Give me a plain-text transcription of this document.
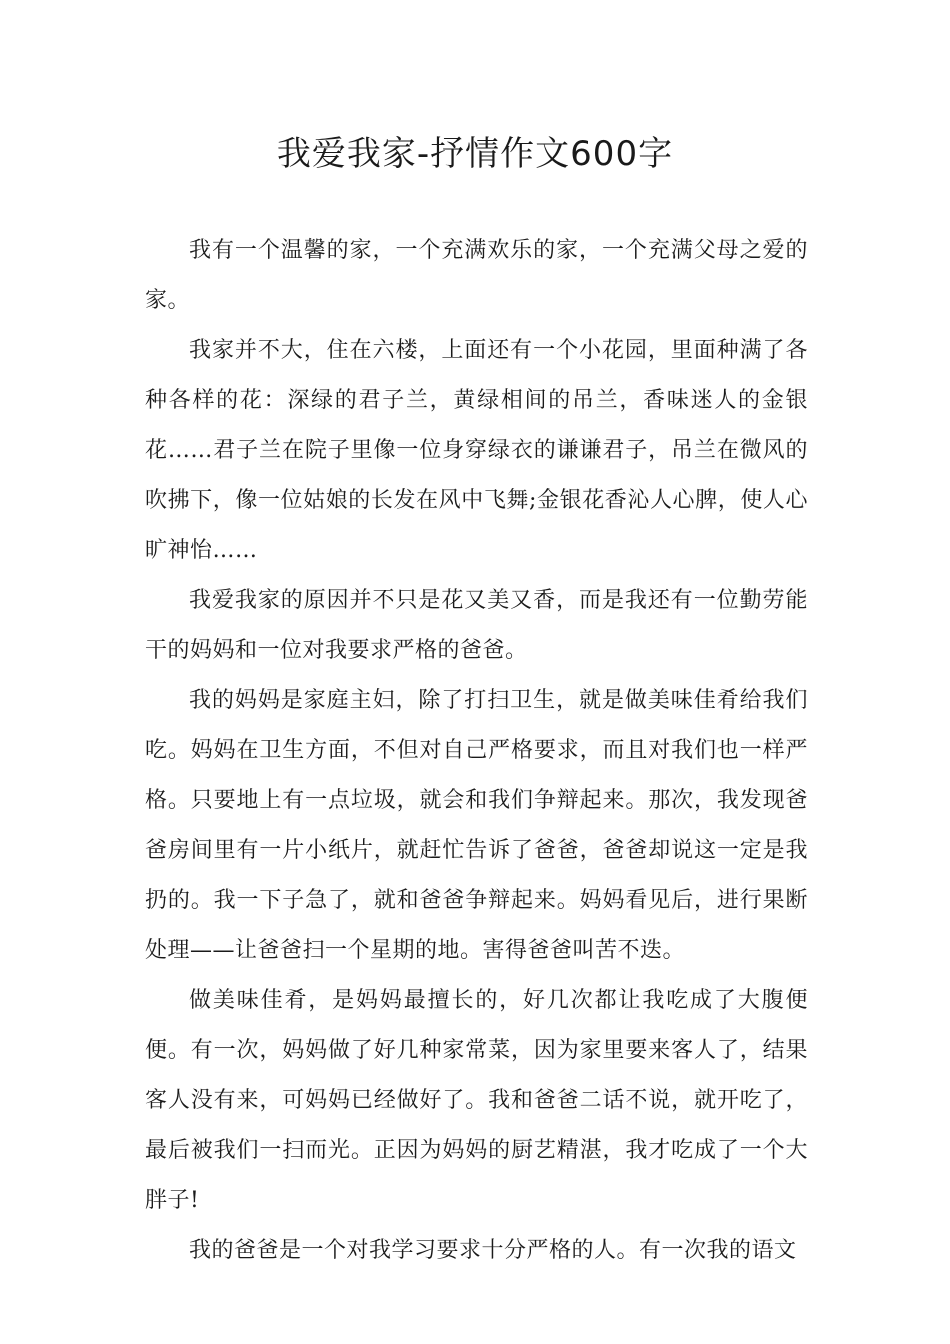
我爱我家-抒情作文600字

我有一个温馨的家，一个充满欢乐的家，一个充满父母之爱的家。

我家并不大，住在六楼，上面还有一个小花园，里面种满了各种各样的花：深绿的君子兰，黄绿相间的吊兰，香味迷人的金银花……君子兰在院子里像一位身穿绿衣的谦谦君子，吊兰在微风的吹拂下，像一位姑娘的长发在风中飞舞;金银花香沁人心脾，使人心旷神怡……

我爱我家的原因并不只是花又美又香，而是我还有一位勤劳能干的妈妈和一位对我要求严格的爸爸。

我的妈妈是家庭主妇，除了打扫卫生，就是做美味佳肴给我们吃。妈妈在卫生方面，不但对自己严格要求，而且对我们也一样严格。只要地上有一点垃圾，就会和我们争辩起来。那次，我发现爸爸房间里有一片小纸片，就赶忙告诉了爸爸，爸爸却说这一定是我扔的。我一下子急了，就和爸爸争辩起来。妈妈看见后，进行果断处理——让爸爸扫一个星期的地。害得爸爸叫苦不迭。

做美味佳肴，是妈妈最擅长的，好几次都让我吃成了大腹便便。有一次，妈妈做了好几种家常菜，因为家里要来客人了，结果客人没有来，可妈妈已经做好了。我和爸爸二话不说，就开吃了，最后被我们一扫而光。正因为妈妈的厨艺精湛，我才吃成了一个大胖子!

我的爸爸是一个对我学习要求十分严格的人。有一次我的语文
